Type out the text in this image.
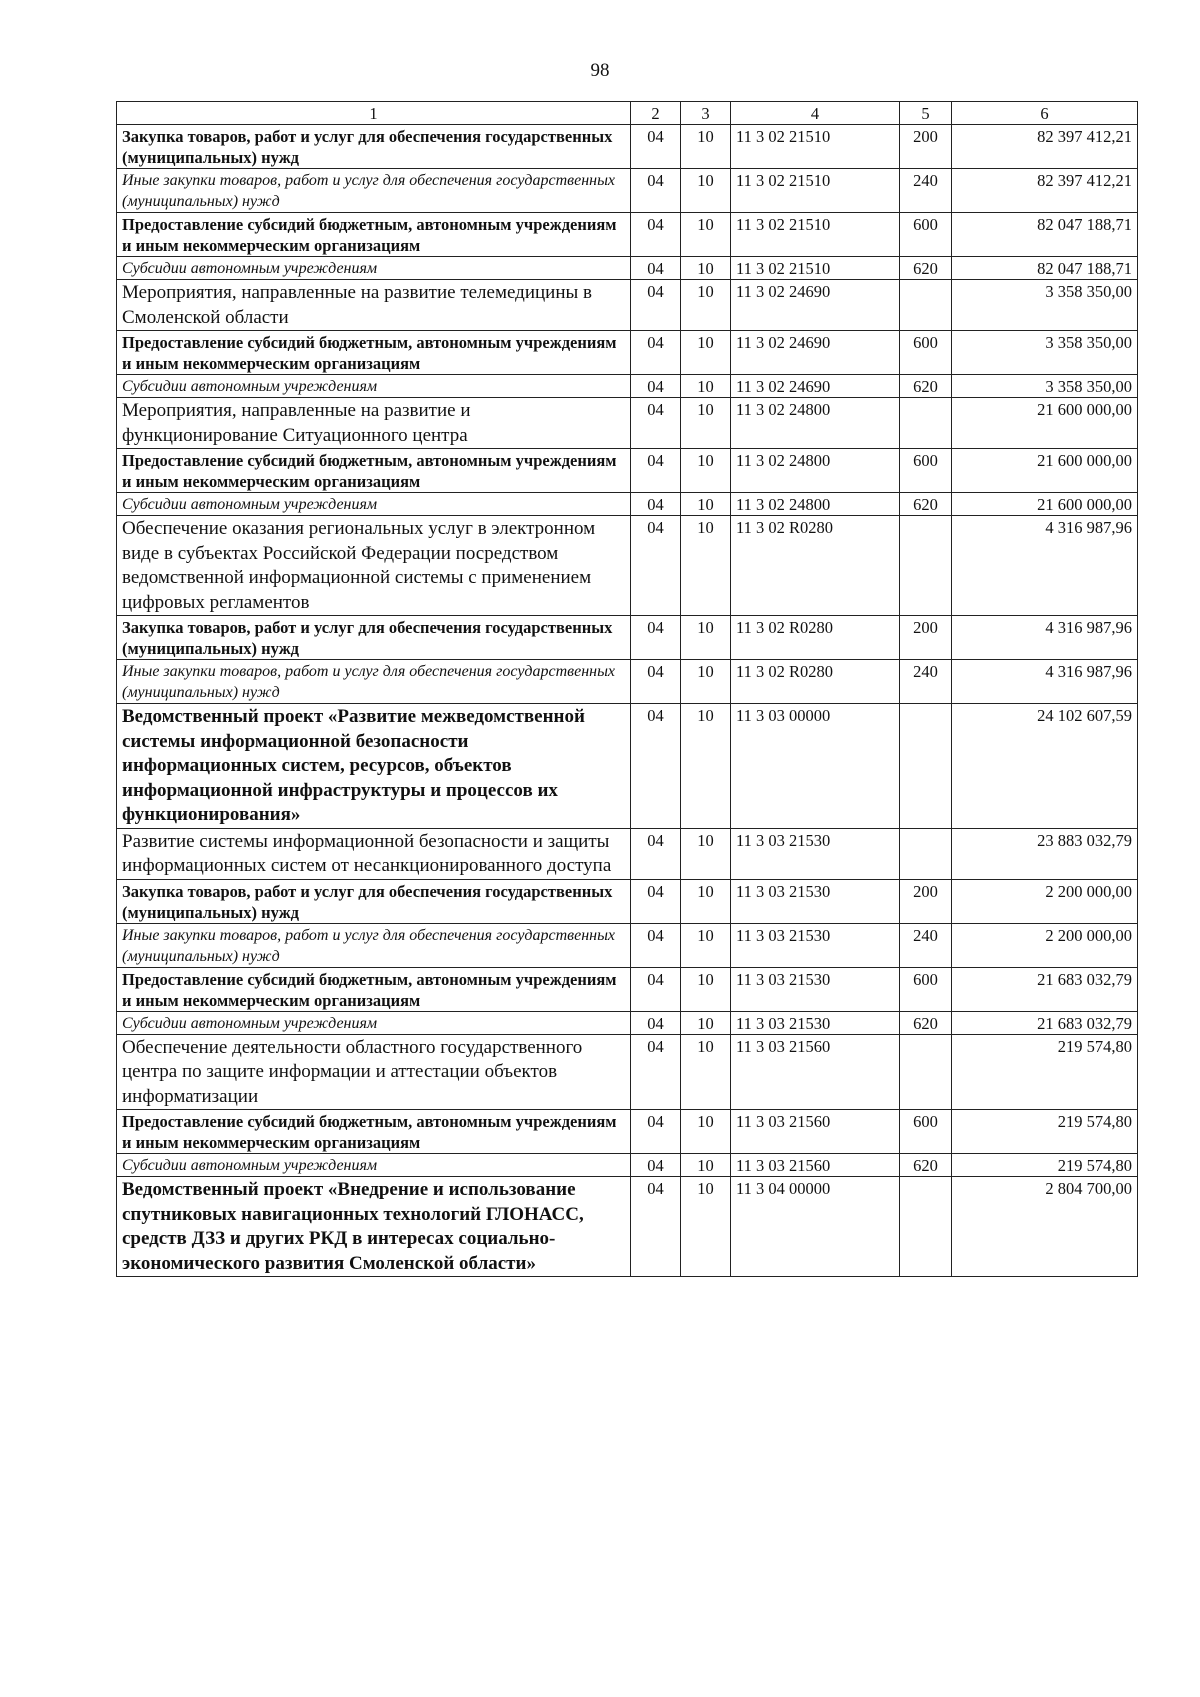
98
1	2	3	4	5	6
Закупка товаров, работ и услуг для обеспечения государственных (муниципальных) нужд	04	10	11 3 02 21510	200	82 397 412,21
Иные закупки товаров, работ и услуг для обеспечения государственных (муниципальных) нужд	04	10	11 3 02 21510	240	82 397 412,21
Предоставление субсидий бюджетным, автономным учреждениям и иным некоммерческим организациям	04	10	11 3 02 21510	600	82 047 188,71
Субсидии автономным учреждениям	04	10	11 3 02 21510	620	82 047 188,71
Мероприятия, направленные на развитие телемедицины в Смоленской области	04	10	11 3 02 24690		3 358 350,00
Предоставление субсидий бюджетным, автономным учреждениям и иным некоммерческим организациям	04	10	11 3 02 24690	600	3 358 350,00
Субсидии автономным учреждениям	04	10	11 3 02 24690	620	3 358 350,00
Мероприятия, направленные на развитие и функционирование Ситуационного центра	04	10	11 3 02 24800		21 600 000,00
Предоставление субсидий бюджетным, автономным учреждениям и иным некоммерческим организациям	04	10	11 3 02 24800	600	21 600 000,00
Субсидии автономным учреждениям	04	10	11 3 02 24800	620	21 600 000,00
Обеспечение оказания региональных услуг в электронном виде в субъектах Российской Федерации посредством ведомственной информационной системы с применением цифровых регламентов	04	10	11 3 02 R0280		4 316 987,96
Закупка товаров, работ и услуг для обеспечения государственных (муниципальных) нужд	04	10	11 3 02 R0280	200	4 316 987,96
Иные закупки товаров, работ и услуг для обеспечения государственных (муниципальных) нужд	04	10	11 3 02 R0280	240	4 316 987,96
Ведомственный проект «Развитие межведомственной системы информационной безопасности информационных систем, ресурсов, объектов информационной инфраструктуры и процессов их функционирования»	04	10	11 3 03 00000		24 102 607,59
Развитие системы информационной безопасности и защиты информационных систем от несанкционированного доступа	04	10	11 3 03 21530		23 883 032,79
Закупка товаров, работ и услуг для обеспечения государственных (муниципальных) нужд	04	10	11 3 03 21530	200	2 200 000,00
Иные закупки товаров, работ и услуг для обеспечения государственных (муниципальных) нужд	04	10	11 3 03 21530	240	2 200 000,00
Предоставление субсидий бюджетным, автономным учреждениям и иным некоммерческим организациям	04	10	11 3 03 21530	600	21 683 032,79
Субсидии автономным учреждениям	04	10	11 3 03 21530	620	21 683 032,79
Обеспечение деятельности областного государственного центра по защите информации и аттестации объектов информатизации	04	10	11 3 03 21560		219 574,80
Предоставление субсидий бюджетным, автономным учреждениям и иным некоммерческим организациям	04	10	11 3 03 21560	600	219 574,80
Субсидии автономным учреждениям	04	10	11 3 03 21560	620	219 574,80
Ведомственный проект «Внедрение и использование спутниковых навигационных технологий ГЛОНАСС, средств ДЗЗ и других РКД в интересах социально-экономического развития Смоленской области»	04	10	11 3 04 00000		2 804 700,00
